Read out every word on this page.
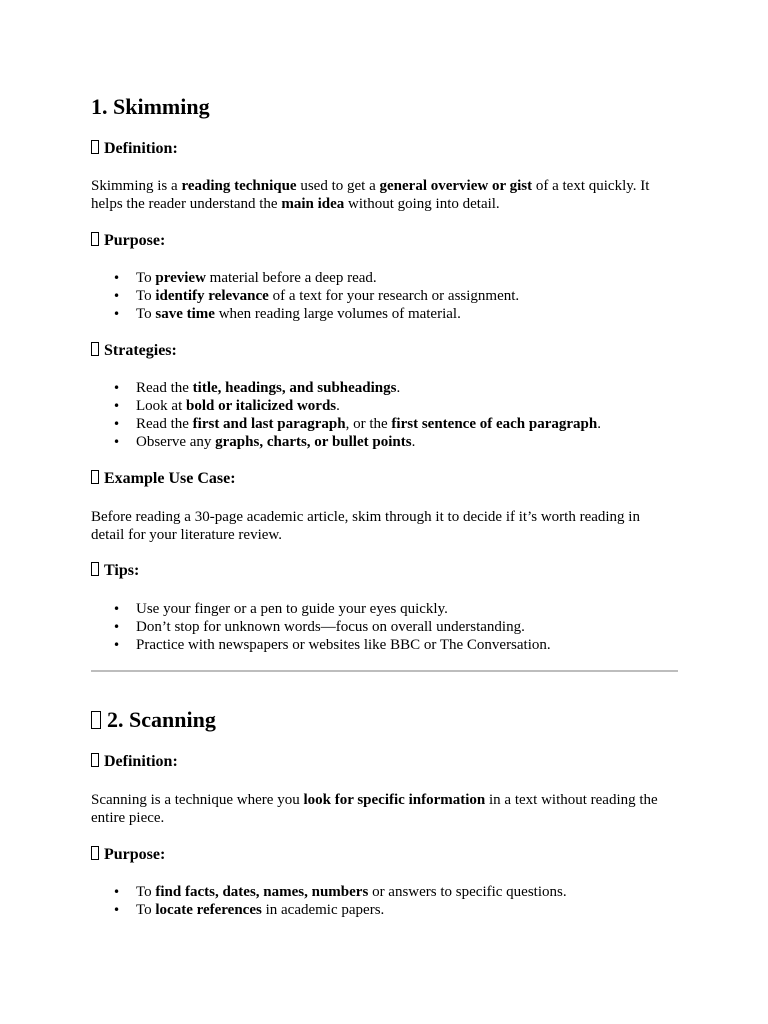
1. Skimming
Definition:

Skimming is a reading technique used to get a general overview or gist of a text quickly. It helps the reader understand the main idea without going into detail.

Purpose:
• To preview material before a deep read.
• To identify relevance of a text for your research or assignment.
• To save time when reading large volumes of material.
Strategies:
• Read the title, headings, and subheadings.
• Look at bold or italicized words.
• Read the first and last paragraph, or the first sentence of each paragraph.
• Observe any graphs, charts, or bullet points.
Example Use Case:

Before reading a 30-page academic article, skim through it to decide if it’s worth reading in detail for your literature review.

Tips:
• Use your finger or a pen to guide your eyes quickly.
• Don’t stop for unknown words—focus on overall understanding.
• Practice with newspapers or websites like BBC or The Conversation.
2. Scanning
Definition:

Scanning is a technique where you look for specific information in a text without reading the entire piece.

Purpose:
• To find facts, dates, names, numbers or answers to specific questions.
• To locate references in academic papers.
